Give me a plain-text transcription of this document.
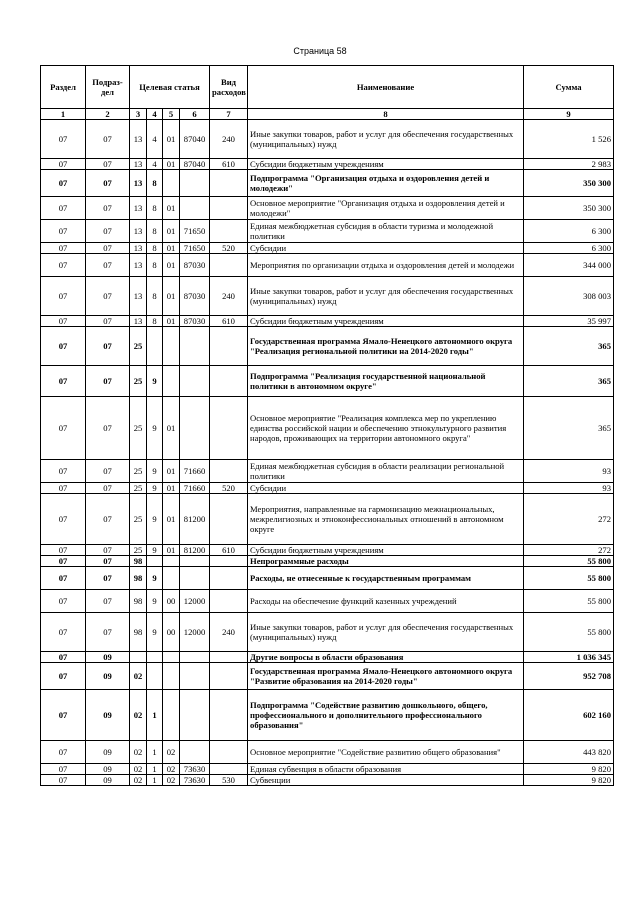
Страница 58
Раздел	Подраз-дел	Целевая статья				Вид расходов	Наименование	Сумма
1	2	3	4	5	6	7	8	9
07	07	13	4	01	87040	240	Иные закупки товаров, работ и услуг для обеспечения государственных (муниципальных) нужд	1 526
07	07	13	4	01	87040	610	Субсидии бюджетным учреждениям	2 983
07	07	13	8				Подпрограмма "Организация отдыха и оздоровления детей и молодежи"	350 300
07	07	13	8	01			Основное мероприятие "Организация отдыха и оздоровления детей и молодежи"	350 300
07	07	13	8	01	71650		Единая межбюджетная субсидия в области туризма и молодежной политики	6 300
07	07	13	8	01	71650	520	Субсидии	6 300
07	07	13	8	01	87030		Мероприятия по организации отдыха и оздоровления детей и молодежи	344 000
07	07	13	8	01	87030	240	Иные закупки товаров, работ и услуг для обеспечения государственных (муниципальных) нужд	308 003
07	07	13	8	01	87030	610	Субсидии бюджетным учреждениям	35 997
07	07	25					Государственная программа Ямало-Ненецкого автономного округа "Реализация региональной политики на 2014-2020 годы"	365
07	07	25	9				Подпрограмма "Реализация государственной национальной политики в автономном округе"	365
07	07	25	9	01			Основное мероприятие "Реализация комплекса мер по укреплению единства российской нации и обеспечению этнокультурного развития народов, проживающих на территории автономного округа"	365
07	07	25	9	01	71660		Единая межбюджетная субсидия в области реализации региональной политики	93
07	07	25	9	01	71660	520	Субсидии	93
07	07	25	9	01	81200		Мероприятия, направленные на гармонизацию межнациональных, межрелигиозных и этноконфессиональных отношений в автономном округе	272
07	07	25	9	01	81200	610	Субсидии бюджетным учреждениям	272
07	07	98					Непрограммные расходы	55 800
07	07	98	9				Расходы, не отнесенные к государственным программам	55 800
07	07	98	9	00	12000		Расходы на обеспечение функций казенных учреждений	55 800
07	07	98	9	00	12000	240	Иные закупки товаров, работ и услуг для обеспечения государственных (муниципальных) нужд	55 800
07	09						Другие вопросы в области образования	1 036 345
07	09	02					Государственная программа Ямало-Ненецкого автономного округа "Развитие образования на 2014-2020 годы"	952 708
07	09	02	1				Подпрограмма "Содействие развитию дошкольного, общего, профессионального и дополнительного профессионального образования"	602 160
07	09	02	1	02			Основное мероприятие "Содействие развитию общего образования"	443 820
07	09	02	1	02	73630		Единая субвенция в области образования	9 820
07	09	02	1	02	73630	530	Субвенции	9 820
